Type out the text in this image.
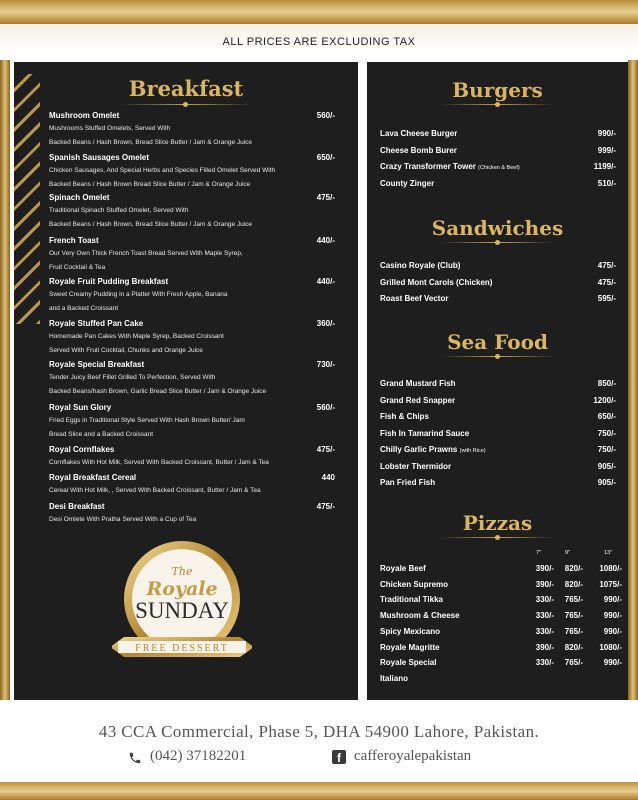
ALL PRICES ARE EXCLUDING TAX
Breakfast
Mushroom Omelet	560/-
Mushrooms Stuffed Omelets, Served With
Backed Beans / Hash Brown, Bread Slice Butter / Jam & Orange Juice
Spanish Sausages Omelet	650/-
Chicken Sausages, And Special Herbs and Species Filled Omelet Served With
Backed Beans / Hash Brown Bread Slice Butter / Jam & Orange Juice
Spinach Omelet	475/-
Traditional Spinach Stuffed Omelet, Served With
Backed Beans / Hash Brown, Bread Slice Butter / Jam & Orange Juice
French Toast	440/-
Our Very Own Thick French Toast Bread Served With Maple Syrep,
Fruit Cocktail & Tea
Royale Fruit Pudding Breakfast	440/-
Sweet Creamy Pudding in a Platter With Fresh Apple, Banana
and a Backed Croissant
Royale Stuffed Pan Cake	360/-
Homemade Pan Cakes With Maple Syrep, Backed Croissant
Served With Fruit Cocktail, Chunks and Orange Juice
Royale Special Breakfast	730/-
Tender Juicy Beef Fillet Grilled To Perfection, Served With
Backed Beans/hash Brown, Garlic Bread Slice Butter / Jam & Orange Juice
Royal Sun Glory	560/-
Fried Eggs in Traditional Style Served With Hash Brown Butter/ Jam
Bread Slice and a Backed Croissant
Royal Cornflakes	475/-
Cornflakes With Hot Milk, Served With Backed Croissant, Butter / Jam & Tea
Royal Breakfast Cereal	440
Cereal With Hot Milk, , Served With Backed Croissant, Butter / Jam & Tea
Desi Breakfast	475/-
Desi Omlete With Pratha Served With a Cup of Tea
The
Royale
SUNDAY
FREE DESSERT
Burgers
Lava Cheese Burger	990/-
Cheese Bomb Burer	999/-
Crazy Transformer Tower (Chicken & Beef)	1199/-
County Zinger	510/-
Sandwiches
Casino Royale (Club)	475/-
Grilled Mont Carols (Chicken)	475/-
Roast Beef Vector	595/-
Sea Food
Grand Mustard Fish	850/-
Grand Red Snapper	1200/-
Fish & Chips	650/-
Fish In Tamarind Sauce	750/-
Chilly Garlic Prawns (with Rice)	750/-
Lobster Thermidor	905/-
Pan Fried Fish	905/-
Pizzas
7"	9"	13"
Royale Beef	390/- 820/- 1080/-
Chicken Supremo	390/- 820/- 1075/-
Traditional Tikka	330/- 765/-	990/-
Mushroom & Cheese	330/- 765/-	990/-
Spicy Mexicano	330/- 765/-	990/-
Royale Magritte	390/- 820/- 1080/-
Royale Special	330/- 765/-	990/-
Italiano
43 CCA Commercial, Phase 5, DHA 54900 Lahore, Pakistan.
(042) 37182201	f cafferoyalepakistan
